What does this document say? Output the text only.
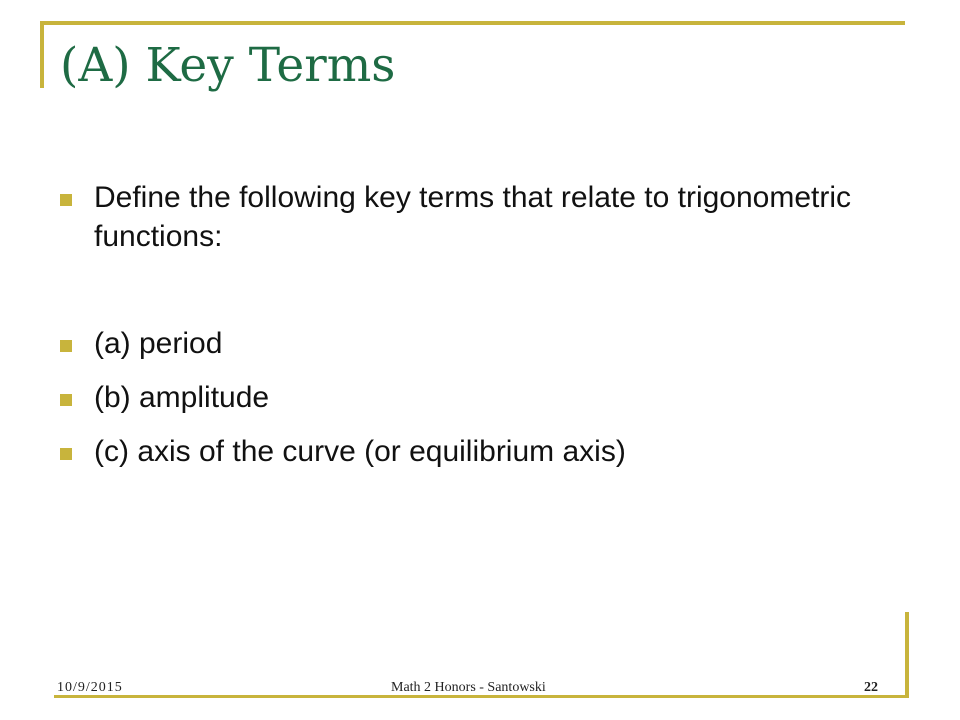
(A) Key Terms
Define the following key terms that relate to trigonometric functions:
(a) period
(b) amplitude
(c) axis of the curve (or equilibrium axis)
10/9/2015	Math 2 Honors - Santowski	22
